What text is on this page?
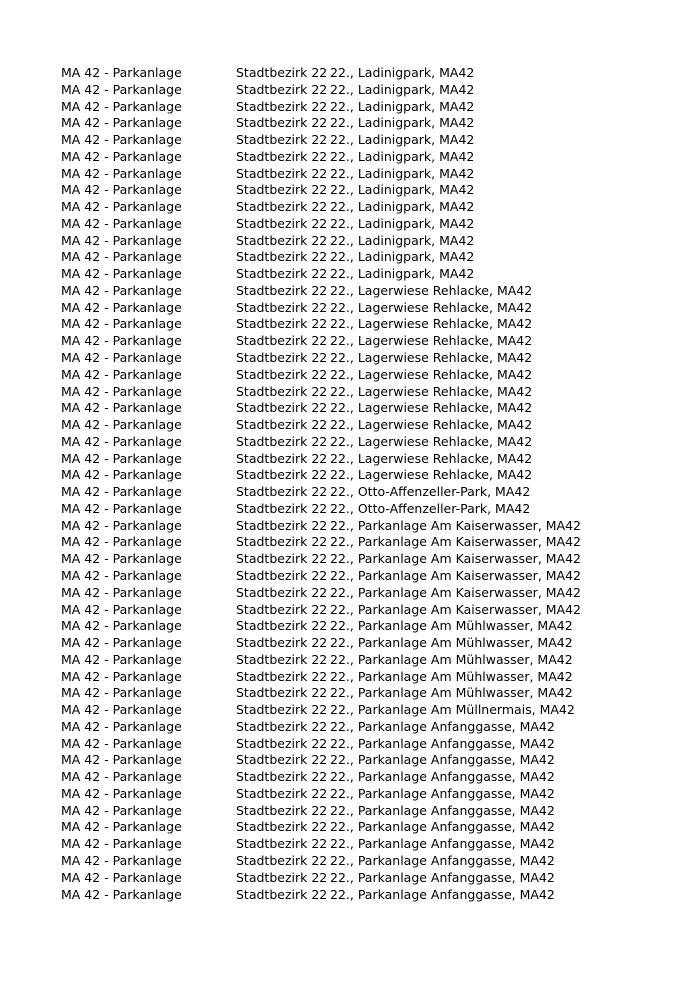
MA 42 - Parkanlage	Stadtbezirk 22 22., Ladinigpark, MA42
MA 42 - Parkanlage	Stadtbezirk 22 22., Ladinigpark, MA42
MA 42 - Parkanlage	Stadtbezirk 22 22., Ladinigpark, MA42
MA 42 - Parkanlage	Stadtbezirk 22 22., Ladinigpark, MA42
MA 42 - Parkanlage	Stadtbezirk 22 22., Ladinigpark, MA42
MA 42 - Parkanlage	Stadtbezirk 22 22., Ladinigpark, MA42
MA 42 - Parkanlage	Stadtbezirk 22 22., Ladinigpark, MA42
MA 42 - Parkanlage	Stadtbezirk 22 22., Ladinigpark, MA42
MA 42 - Parkanlage	Stadtbezirk 22 22., Ladinigpark, MA42
MA 42 - Parkanlage	Stadtbezirk 22 22., Ladinigpark, MA42
MA 42 - Parkanlage	Stadtbezirk 22 22., Ladinigpark, MA42
MA 42 - Parkanlage	Stadtbezirk 22 22., Ladinigpark, MA42
MA 42 - Parkanlage	Stadtbezirk 22 22., Ladinigpark, MA42
MA 42 - Parkanlage	Stadtbezirk 22 22., Lagerwiese Rehlacke, MA42
MA 42 - Parkanlage	Stadtbezirk 22 22., Lagerwiese Rehlacke, MA42
MA 42 - Parkanlage	Stadtbezirk 22 22., Lagerwiese Rehlacke, MA42
MA 42 - Parkanlage	Stadtbezirk 22 22., Lagerwiese Rehlacke, MA42
MA 42 - Parkanlage	Stadtbezirk 22 22., Lagerwiese Rehlacke, MA42
MA 42 - Parkanlage	Stadtbezirk 22 22., Lagerwiese Rehlacke, MA42
MA 42 - Parkanlage	Stadtbezirk 22 22., Lagerwiese Rehlacke, MA42
MA 42 - Parkanlage	Stadtbezirk 22 22., Lagerwiese Rehlacke, MA42
MA 42 - Parkanlage	Stadtbezirk 22 22., Lagerwiese Rehlacke, MA42
MA 42 - Parkanlage	Stadtbezirk 22 22., Lagerwiese Rehlacke, MA42
MA 42 - Parkanlage	Stadtbezirk 22 22., Lagerwiese Rehlacke, MA42
MA 42 - Parkanlage	Stadtbezirk 22 22., Lagerwiese Rehlacke, MA42
MA 42 - Parkanlage	Stadtbezirk 22 22., Otto-Affenzeller-Park, MA42
MA 42 - Parkanlage	Stadtbezirk 22 22., Otto-Affenzeller-Park, MA42
MA 42 - Parkanlage	Stadtbezirk 22 22., Parkanlage Am Kaiserwasser, MA42
MA 42 - Parkanlage	Stadtbezirk 22 22., Parkanlage Am Kaiserwasser, MA42
MA 42 - Parkanlage	Stadtbezirk 22 22., Parkanlage Am Kaiserwasser, MA42
MA 42 - Parkanlage	Stadtbezirk 22 22., Parkanlage Am Kaiserwasser, MA42
MA 42 - Parkanlage	Stadtbezirk 22 22., Parkanlage Am Kaiserwasser, MA42
MA 42 - Parkanlage	Stadtbezirk 22 22., Parkanlage Am Kaiserwasser, MA42
MA 42 - Parkanlage	Stadtbezirk 22 22., Parkanlage Am Mühlwasser, MA42
MA 42 - Parkanlage	Stadtbezirk 22 22., Parkanlage Am Mühlwasser, MA42
MA 42 - Parkanlage	Stadtbezirk 22 22., Parkanlage Am Mühlwasser, MA42
MA 42 - Parkanlage	Stadtbezirk 22 22., Parkanlage Am Mühlwasser, MA42
MA 42 - Parkanlage	Stadtbezirk 22 22., Parkanlage Am Mühlwasser, MA42
MA 42 - Parkanlage	Stadtbezirk 22 22., Parkanlage Am Müllnermais, MA42
MA 42 - Parkanlage	Stadtbezirk 22 22., Parkanlage Anfanggasse, MA42
MA 42 - Parkanlage	Stadtbezirk 22 22., Parkanlage Anfanggasse, MA42
MA 42 - Parkanlage	Stadtbezirk 22 22., Parkanlage Anfanggasse, MA42
MA 42 - Parkanlage	Stadtbezirk 22 22., Parkanlage Anfanggasse, MA42
MA 42 - Parkanlage	Stadtbezirk 22 22., Parkanlage Anfanggasse, MA42
MA 42 - Parkanlage	Stadtbezirk 22 22., Parkanlage Anfanggasse, MA42
MA 42 - Parkanlage	Stadtbezirk 22 22., Parkanlage Anfanggasse, MA42
MA 42 - Parkanlage	Stadtbezirk 22 22., Parkanlage Anfanggasse, MA42
MA 42 - Parkanlage	Stadtbezirk 22 22., Parkanlage Anfanggasse, MA42
MA 42 - Parkanlage	Stadtbezirk 22 22., Parkanlage Anfanggasse, MA42
MA 42 - Parkanlage	Stadtbezirk 22 22., Parkanlage Anfanggasse, MA42
